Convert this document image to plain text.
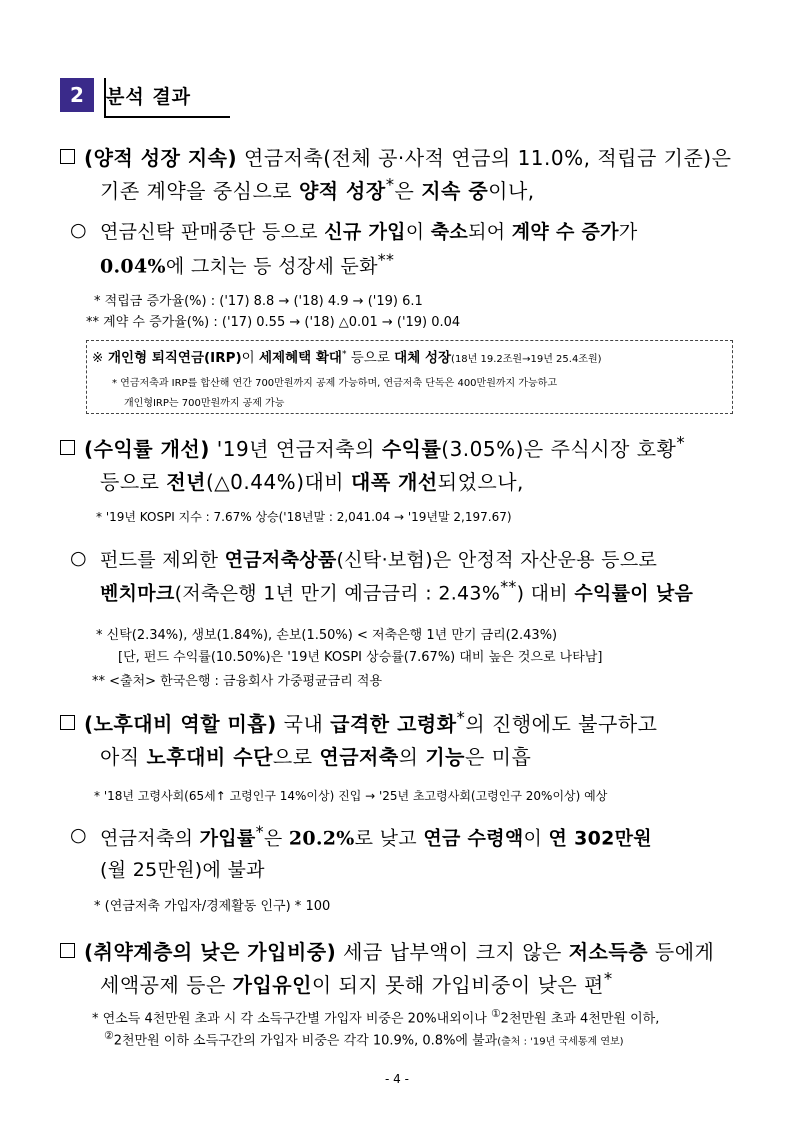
2	분석 결과
(양적 성장 지속) 연금저축(전체 공·사적 연금의 11.0%, 적립금 기준)은
기존 계약을 중심으로 양적 성장*은 지속 중이나,
○ 연금신탁 판매중단 등으로 신규 가입이 축소되어 계약 수 증가가
0.04%에 그치는 등 성장세 둔화**
* 적립금 증가율(%) : ('17) 8.8 → ('18) 4.9 → ('19) 6.1
** 계약 수 증가율(%) : ('17) 0.55 → ('18) △0.01 → ('19) 0.04
※ 개인형 퇴직연금(IRP)이 세제혜택 확대* 등으로 대체 성장(18년 19.2조원→19년 25.4조원)
* 연금저축과 IRP를 합산해 연간 700만원까지 공제 가능하며, 연금저축 단독은 400만원까지 가능하고
개인형IRP는 700만원까지 공제 가능
(수익률 개선) '19년 연금저축의 수익률(3.05%)은 주식시장 호황*
등으로 전년(△0.44%)대비 대폭 개선되었으나,
* '19년 KOSPI 지수 : 7.67% 상승('18년말 : 2,041.04 → '19년말 2,197.67)
○ 펀드를 제외한 연금저축상품(신탁·보험)은 안정적 자산운용 등으로
벤치마크(저축은행 1년 만기 예금금리 : 2.43%**) 대비 수익률이 낮음
* 신탁(2.34%), 생보(1.84%), 손보(1.50%) < 저축은행 1년 만기 금리(2.43%)
[단, 펀드 수익률(10.50%)은 '19년 KOSPI 상승률(7.67%) 대비 높은 것으로 나타남]
** <출처> 한국은행 : 금융회사 가중평균금리 적용
(노후대비 역할 미흡) 국내 급격한 고령화*의 진행에도 불구하고
아직 노후대비 수단으로 연금저축의 기능은 미흡
* '18년 고령사회(65세↑ 고령인구 14%이상) 진입 → '25년 초고령사회(고령인구 20%이상) 예상
○ 연금저축의 가입률*은 20.2%로 낮고 연금 수령액이 연 302만원
(월 25만원)에 불과
* (연금저축 가입자/경제활동 인구) * 100
(취약계층의 낮은 가입비중) 세금 납부액이 크지 않은 저소득층 등에게
세액공제 등은 가입유인이 되지 못해 가입비중이 낮은 편*
* 연소득 4천만원 초과 시 각 소득구간별 가입자 비중은 20%내외이나 ①2천만원 초과 4천만원 이하,
②2천만원 이하 소득구간의 가입자 비중은 각각 10.9%, 0.8%에 불과(출처 : '19년 국세통계 연보)
- 4 -
